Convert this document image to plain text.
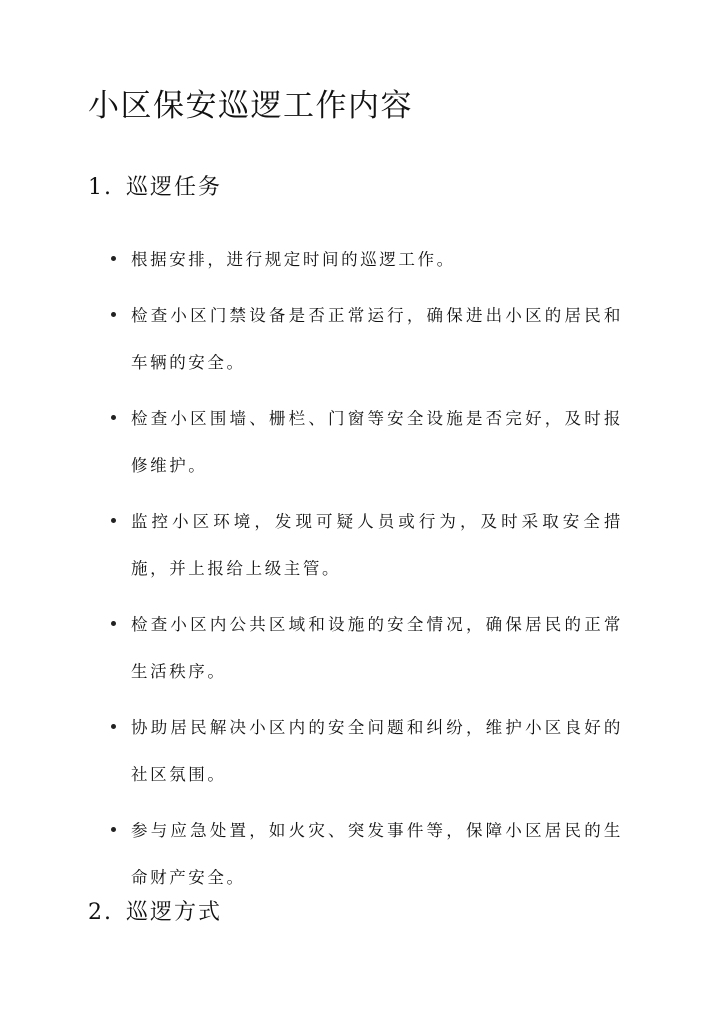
小区保安巡逻工作内容
1. 巡逻任务
根据安排，进行规定时间的巡逻工作。
检查小区门禁设备是否正常运行，确保进出小区的居民和车辆的安全。
检查小区围墙、栅栏、门窗等安全设施是否完好，及时报修维护。
监控小区环境，发现可疑人员或行为，及时采取安全措施，并上报给上级主管。
检查小区内公共区域和设施的安全情况，确保居民的正常生活秩序。
协助居民解决小区内的安全问题和纠纷，维护小区良好的社区氛围。
参与应急处置，如火灾、突发事件等，保障小区居民的生命财产安全。
2. 巡逻方式
